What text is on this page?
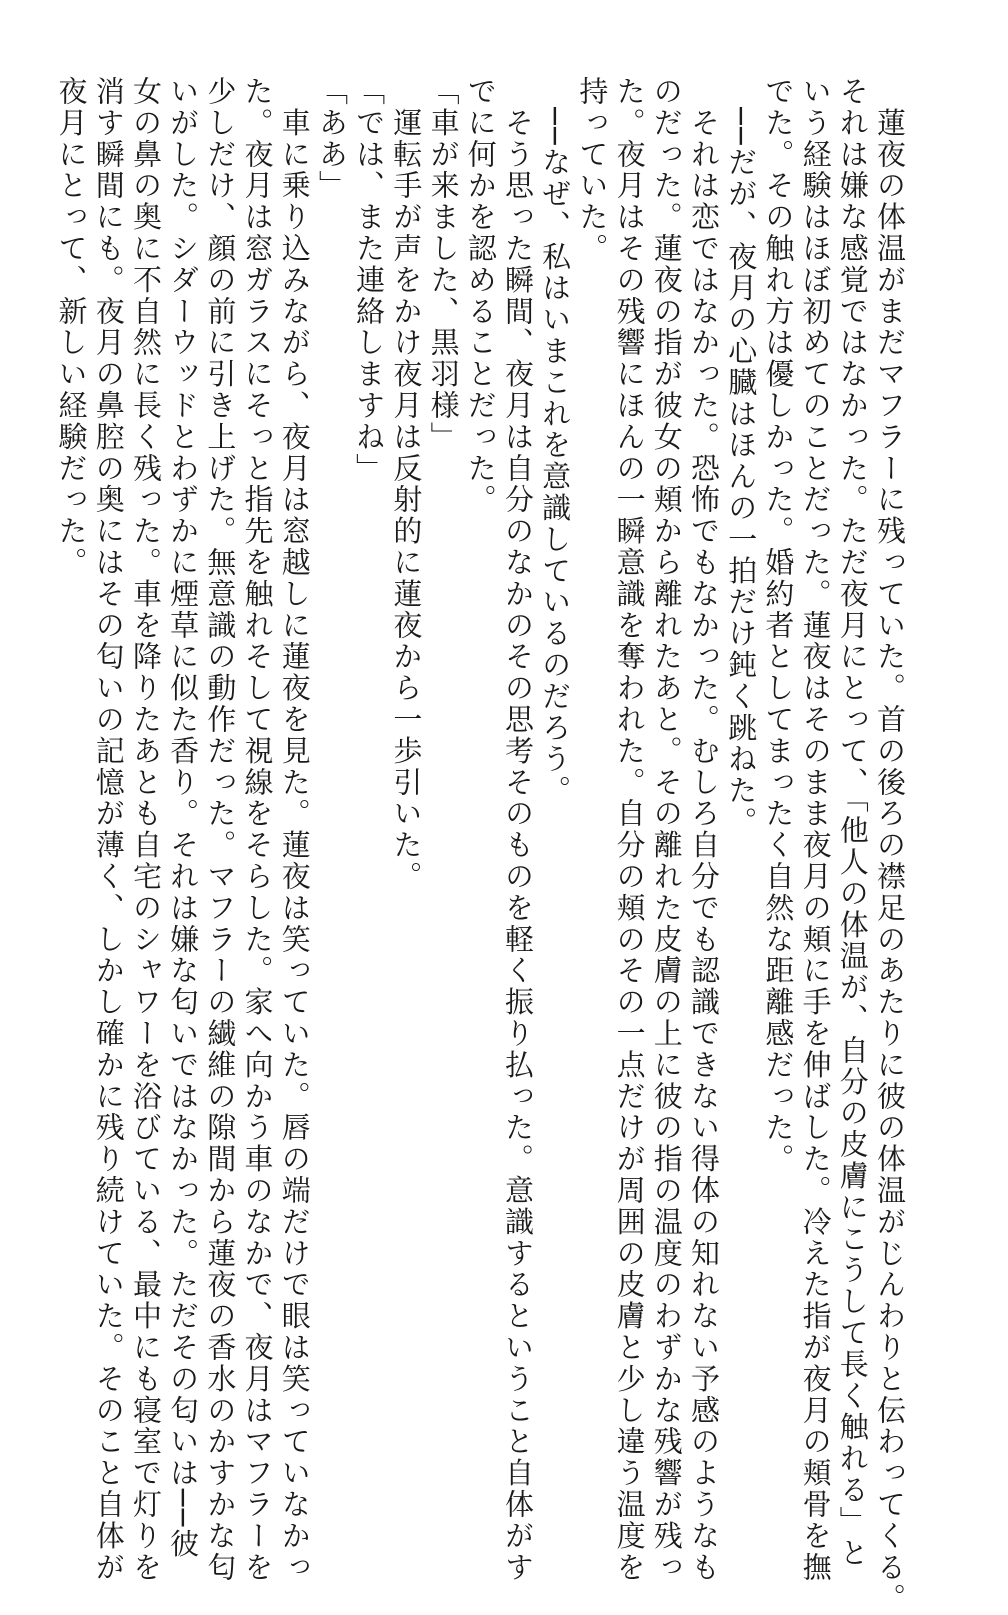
　蓮夜の体温がまだマフラーに残っていた。首の後ろの襟足のあたりに彼の体温がじんわりと伝わってくる。
それは嫌な感覚ではなかった。ただ夜月にとって、「他人の体温が、自分の皮膚にこうして長く触れる」と
いう経験はほぼ初めてのことだった。蓮夜はそのまま夜月の頬に手を伸ばした。冷えた指が夜月の頬骨を撫
でた。その触れ方は優しかった。婚約者としてまったく自然な距離感だった。
　──だが、夜月の心臓はほんの一拍だけ鈍く跳ねた。
　それは恋ではなかった。恐怖でもなかった。むしろ自分でも認識できない得体の知れない予感のようなも
のだった。蓮夜の指が彼女の頬から離れたあと。その離れた皮膚の上に彼の指の温度のわずかな残響が残っ
た。夜月はその残響にほんの一瞬意識を奪われた。自分の頬のその一点だけが周囲の皮膚と少し違う温度を
持っていた。
　──なぜ、私はいまこれを意識しているのだろう。
　そう思った瞬間、夜月は自分のなかのその思考そのものを軽く振り払った。意識するということ自体がす
でに何かを認めることだった。
「車が来ました、黒羽様」
　運転手が声をかけ夜月は反射的に蓮夜から一歩引いた。
「では、また連絡しますね」
「ああ」
　車に乗り込みながら、夜月は窓越しに蓮夜を見た。蓮夜は笑っていた。唇の端だけで眼は笑っていなかっ
た。夜月は窓ガラスにそっと指先を触れそして視線をそらした。家へ向かう車のなかで、夜月はマフラーを
少しだけ、顔の前に引き上げた。無意識の動作だった。マフラーの繊維の隙間から蓮夜の香水のかすかな匂
いがした。シダーウッドとわずかに煙草に似た香り。それは嫌な匂いではなかった。ただその匂いは──彼
女の鼻の奥に不自然に長く残った。車を降りたあとも自宅のシャワーを浴びている、最中にも寝室で灯りを
消す瞬間にも。夜月の鼻腔の奥にはその匂いの記憶が薄く、しかし確かに残り続けていた。そのこと自体が
夜月にとって、新しい経験だった。
